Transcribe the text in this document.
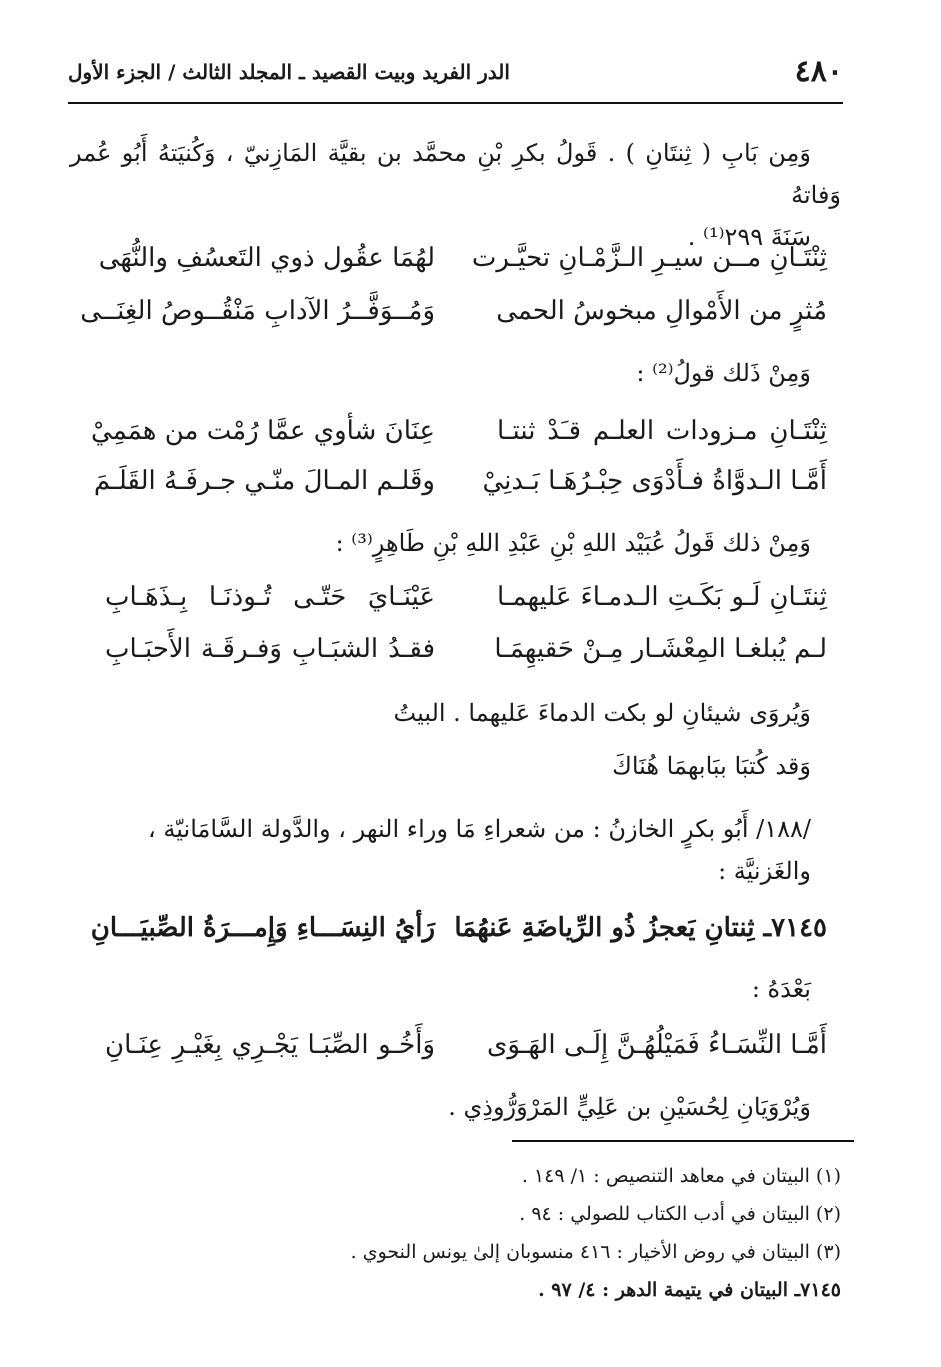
٤٨٠
الدر الفريد وبيت القصيد ـ المجلد الثالث / الجزء الأول
وَمِن بَابِ ( ثِنتَانِ ) . قَولُ بكرِ بْنِ محمَّد بن بقيَّة المَازِنيّ ، وَكُنيَتهُ أَبُو عُمر وَفاتهُ
سَنَةَ ٢٩٩⁽¹⁾ .
ثِنْتَـانِ مــن سيـرِ الـزَّمْـانِ تحيَّـرت
لهُمَا عقُول ذوي التَعسُفِ والنُّهَى
مُثرٍ من الأَمْوالِ مبخوسُ الحمى
وَمُــوَفَّــرُ الآدابِ مَنْقُــوصُ الغِنَــى
وَمِنْ ذَلك قولُ⁽²⁾ :
ثِنْتَـانِ مـزودات العلـم قـَدْ ثنتـا
عِنَانَ شأوي عمَّا رُمْت من همَمِيْ
أَمَّـا الـدوَّاةُ فـأَدْوَى حِبْـرُهَـا بَـدنِيْ
وقَلـم المـالَ منّـي جـرفَـهُ القَلَـمَ
وَمِنْ ذلك قَولُ عُبَيْد اللهِ بْنِ عَبْدِ اللهِ بْنِ طَاهِرٍ⁽³⁾ :
ثِنتَـانِ لَـو بَكَـتِ الـدمـاءَ عَليهمـا
عَيْنَـايَ حَتّـى تُـوذنَـا بِـذَهَـابِ
لـم يُبلغـا المِعْشَـار مِـنْ حَقيهِمَـا
فقـدُ الشبَـابِ وَفـرقَـة الأَحبَـابِ
وَيُروَى شيئانِ لو بكت الدماءَ عَليهما . البيتُ
وَقد كُتبَا ببَابهمَا هُنَاكَ
/١٨٨/ أَبُو بكرٍ الخازنُ : من شعراءِ مَا وراء النهر ، والدَّولة السَّامَانيّة ،
والغَزنيَّة :
٧١٤٥ـ ثِنتانِ يَعجزُ ذُو الرِّياضَةِ عَنهُمَا
رَأيُ النِسَـــاءِ وَإِمـــرَةُ الصِّبيَـــانِ
بَعْدَهُ :
أَمَّـا النِّسَـاءُ فَمَيْلُهُـنَّ إِلَـى الهَـوَى
وَأَخُـو الصِّبَـا يَجْـرِي بِغَيْـرِ عِنَـانِ
وَيُرْوَيَانِ لِحُسَيْنِ بن عَلِيٍّ المَرْوَرُّوذِي .
(١) البيتان في معاهد التنصيص : ١/ ١٤٩ .
(٢) البيتان في أدب الكتاب للصولي : ٩٤ .
(٣) البيتان في روض الأخيار : ٤١٦ منسوبان إلىٰ يونس النحوي .
٧١٤٥ـ البيتان في يتيمة الدهر : ٤/ ٩٧ .
